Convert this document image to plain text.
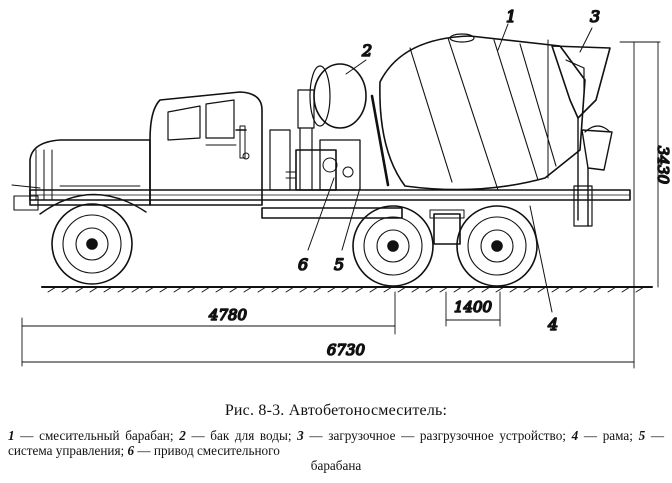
1
2
3
4
5
6
3430
4780	1400
6730
Рис. 8-3. Автобетоносмеситель:
1 — смесительный барабан; 2 — бак для воды; 3 — загрузочное — разгрузочное устройство; 4 — рама; 5 — система управления; 6 — привод смесительного
барабана
